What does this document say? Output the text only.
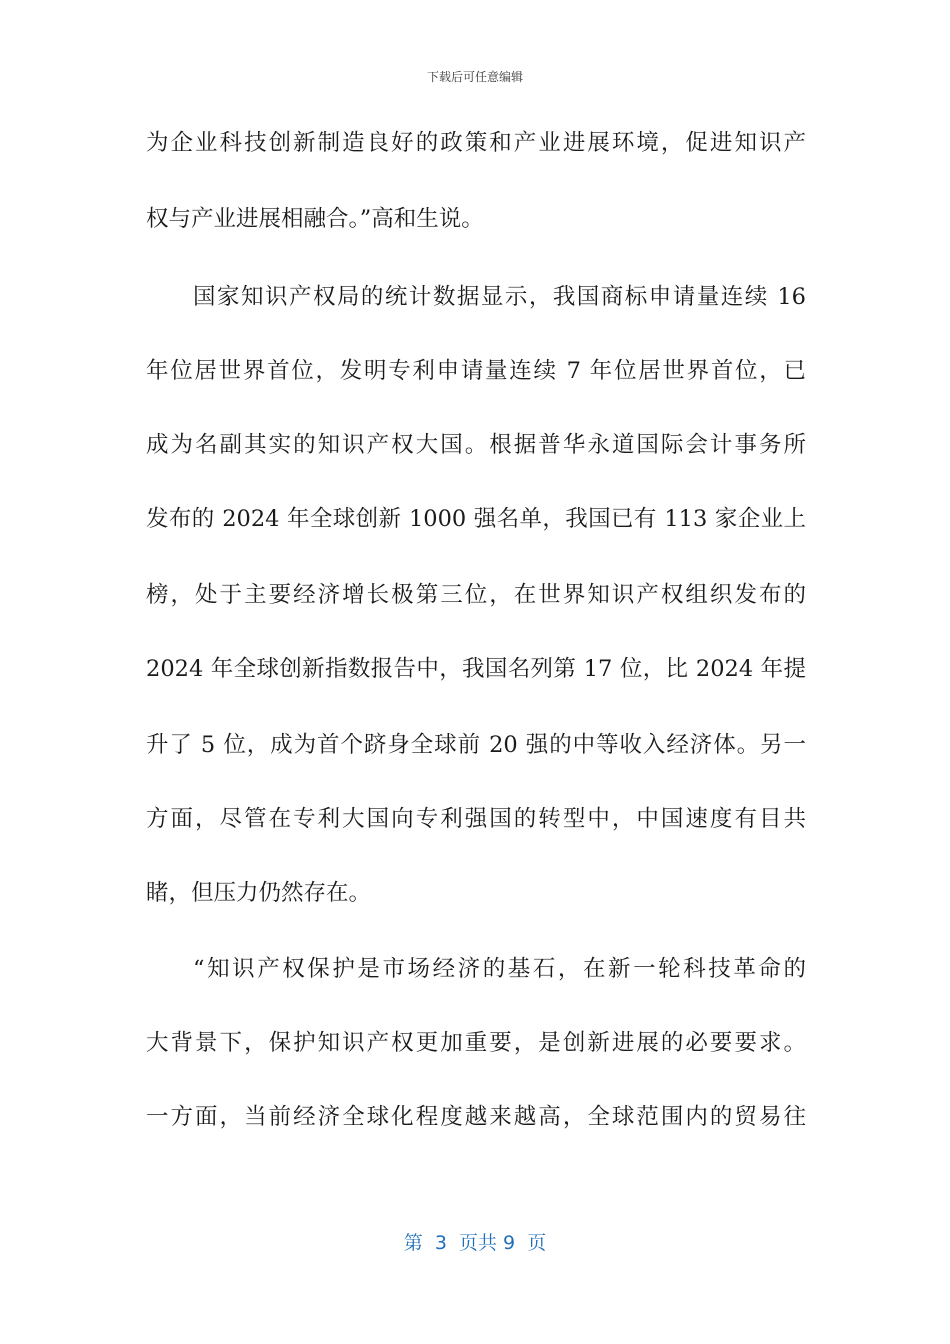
下载后可任意编辑
为企业科技创新制造良好的政策和产业进展环境，促进知识产
权与产业进展相融合。”高和生说。
国家知识产权局的统计数据显示，我国商标申请量连续 16
年位居世界首位，发明专利申请量连续 7 年位居世界首位，已
成为名副其实的知识产权大国。根据普华永道国际会计事务所
发布的 2024 年全球创新 1000 强名单，我国已有 113 家企业上
榜，处于主要经济增长极第三位，在世界知识产权组织发布的
2024 年全球创新指数报告中，我国名列第 17 位，比 2024 年提
升了 5 位，成为首个跻身全球前 20 强的中等收入经济体。另一
方面，尽管在专利大国向专利强国的转型中，中国速度有目共
睹，但压力仍然存在。
“知识产权保护是市场经济的基石，在新一轮科技革命的
大背景下，保护知识产权更加重要，是创新进展的必要要求。
一方面，当前经济全球化程度越来越高，全球范围内的贸易往
第  3  页共 9  页
